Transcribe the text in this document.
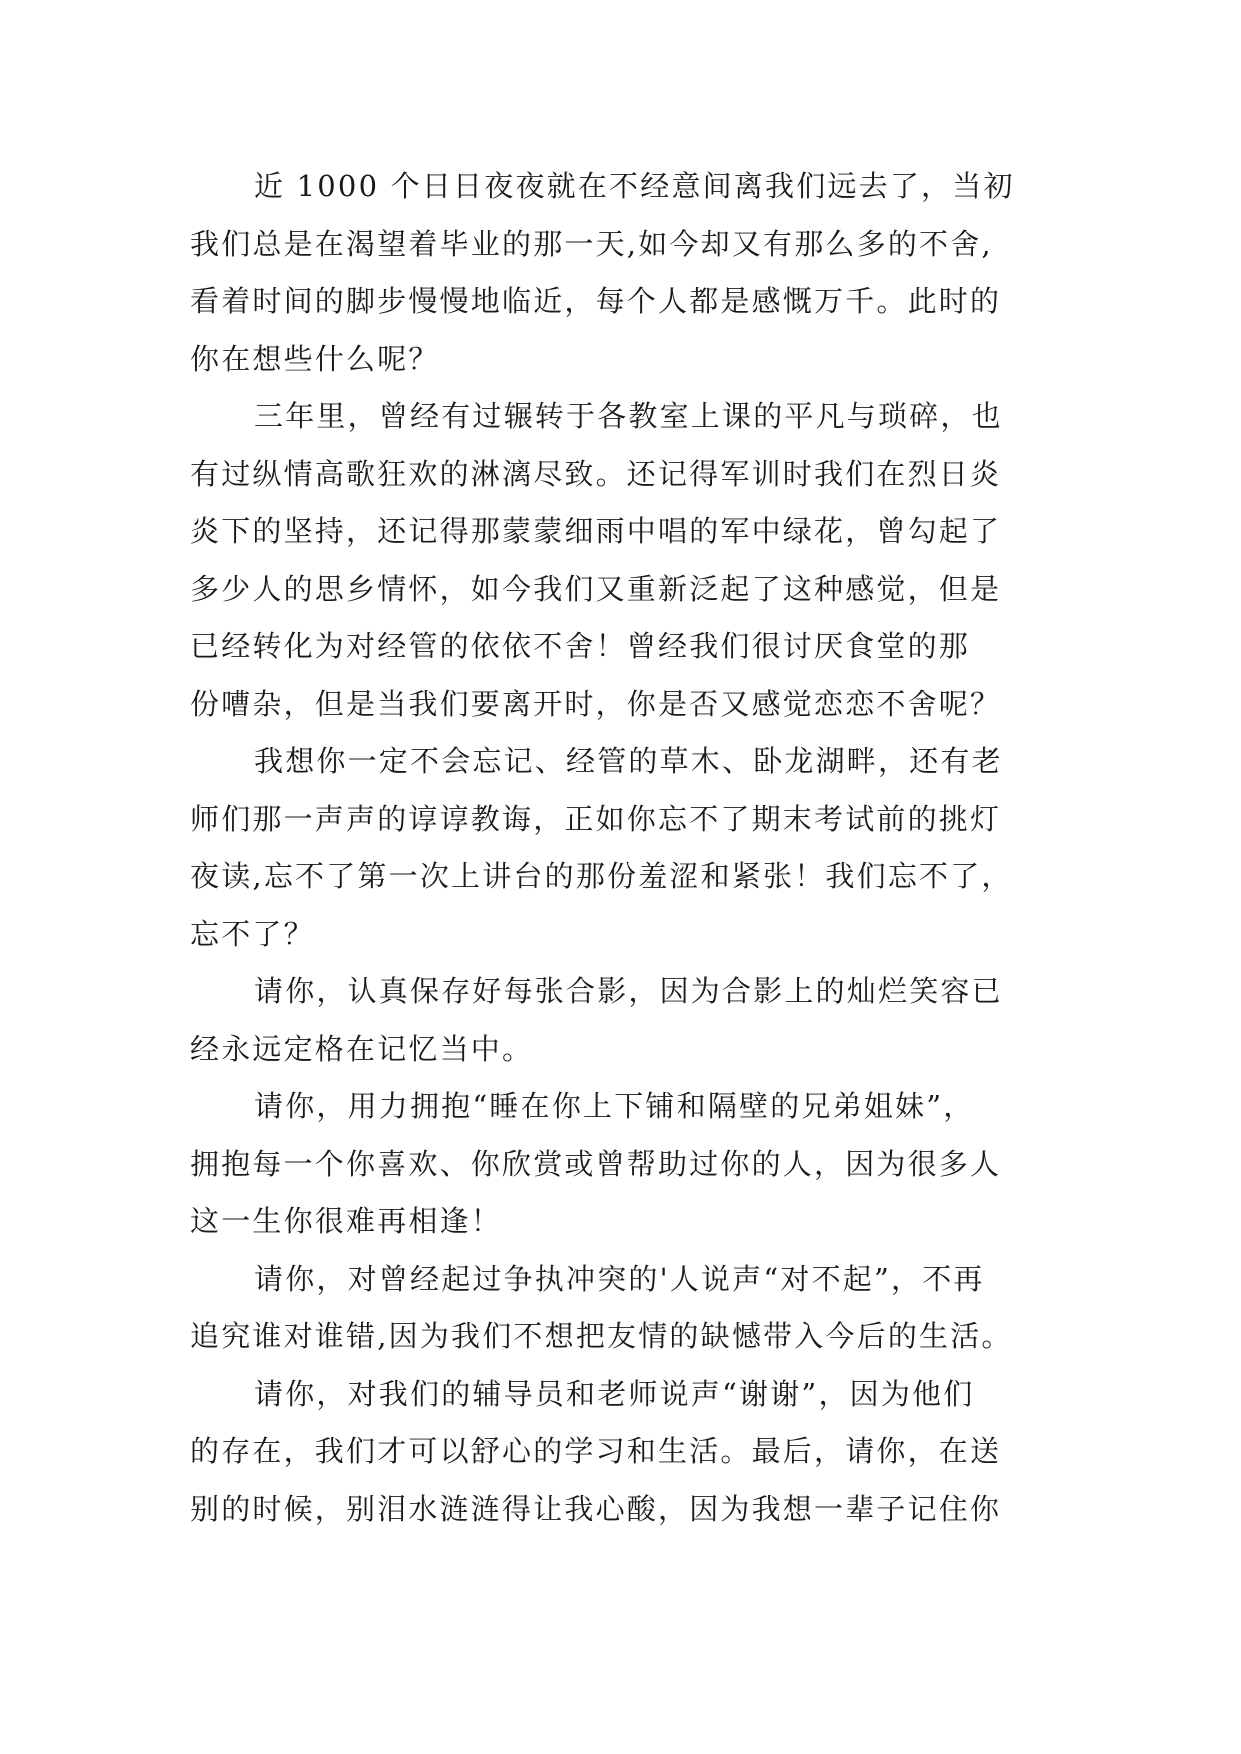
近 1000 个日日夜夜就在不经意间离我们远去了，当初
我们总是在渴望着毕业的那一天,如今却又有那么多的不舍,
看着时间的脚步慢慢地临近，每个人都是感慨万千。此时的
你在想些什么呢？
三年里，曾经有过辗转于各教室上课的平凡与琐碎，也
有过纵情高歌狂欢的淋漓尽致。还记得军训时我们在烈日炎
炎下的坚持，还记得那蒙蒙细雨中唱的军中绿花，曾勾起了
多少人的思乡情怀，如今我们又重新泛起了这种感觉，但是
已经转化为对经管的依依不舍！曾经我们很讨厌食堂的那
份嘈杂，但是当我们要离开时，你是否又感觉恋恋不舍呢？
我想你一定不会忘记、经管的草木、卧龙湖畔，还有老
师们那一声声的谆谆教诲，正如你忘不了期末考试前的挑灯
夜读,忘不了第一次上讲台的那份羞涩和紧张！我们忘不了，
忘不了？
请你，认真保存好每张合影，因为合影上的灿烂笑容已
经永远定格在记忆当中。
请你，用力拥抱“睡在你上下铺和隔壁的兄弟姐妹”，
拥抱每一个你喜欢、你欣赏或曾帮助过你的人，因为很多人
这一生你很难再相逢！
请你，对曾经起过争执冲突的'人说声“对不起”，不再
追究谁对谁错,因为我们不想把友情的缺憾带入今后的生活。
请你，对我们的辅导员和老师说声“谢谢”，因为他们
的存在，我们才可以舒心的学习和生活。最后，请你，在送
别的时候，别泪水涟涟得让我心酸，因为我想一辈子记住你
